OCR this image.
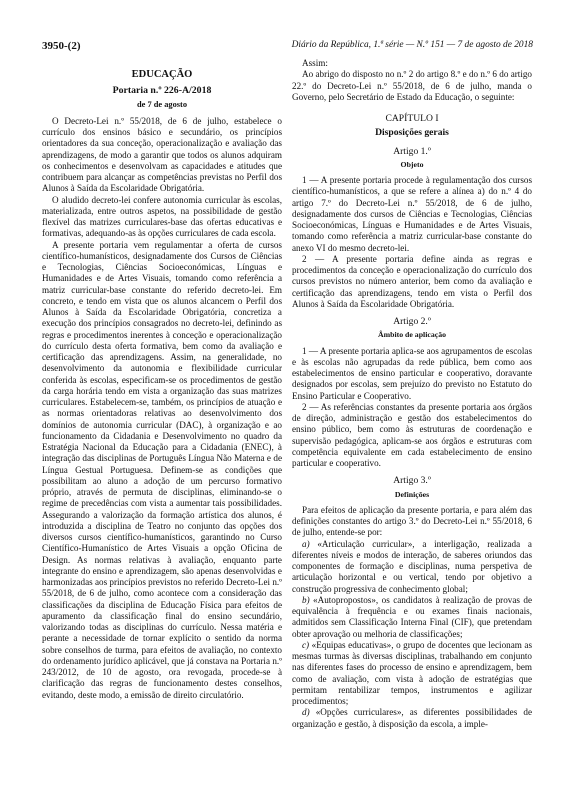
3950-(2)	Diário da República, 1.ª série — N.º 151 — 7 de agosto de 2018
EDUCAÇÃO
Portaria n.º 226-A/2018
de 7 de agosto

O Decreto-Lei n.º 55/2018, de 6 de julho, estabelece o currículo dos ensinos básico e secundário, os princípios orientadores da sua conceção, operacionalização e avaliação das aprendizagens, de modo a garantir que todos os alunos adquiram os conhecimentos e desenvolvam as capacidades e atitudes que contribuem para alcançar as competências previstas no Perfil dos Alunos à Saída da Escolaridade Obrigatória.

O aludido decreto-lei confere autonomia curricular às escolas, materializada, entre outros aspetos, na possibilidade de gestão flexível das matrizes curriculares-base das ofertas educativas e formativas, adequando-as às opções curriculares de cada escola.

A presente portaria vem regulamentar a oferta de cursos científico-humanísticos, designadamente dos Cursos de Ciências e Tecnologias, Ciências Socioeconómicas, Línguas e Humanidades e de Artes Visuais, tomando como referência a matriz curricular-base constante do referido decreto-lei. Em concreto, e tendo em vista que os alunos alcancem o Perfil dos Alunos à Saída da Escolaridade Obrigatória, concretiza a execução dos princípios consagrados no decreto-lei, definindo as regras e procedimentos inerentes à conceção e operacionalização do currículo desta oferta formativa, bem como da avaliação e certificação das aprendizagens. Assim, na generalidade, no desenvolvimento da autonomia e flexibilidade curricular conferida às escolas, especificam-se os procedimentos de gestão da carga horária tendo em vista a organização das suas matrizes curriculares. Estabelecem-se, também, os princípios de atuação e as normas orientadoras relativas ao desenvolvimento dos domínios de autonomia curricular (DAC), à organização e ao funcionamento da Cidadania e Desenvolvimento no quadro da Estratégia Nacional da Educação para a Cidadania (ENEC), à integração das disciplinas de Português Língua Não Materna e de Língua Gestual Portuguesa. Definem-se as condições que possibilitam ao aluno a adoção de um percurso formativo próprio, através de permuta de disciplinas, eliminando-se o regime de precedências com vista a aumentar tais possibilidades. Assegurando a valorização da formação artística dos alunos, é introduzida a disciplina de Teatro no conjunto das opções dos diversos cursos científico-humanísticos, garantindo no Curso Científico-Humanístico de Artes Visuais a opção Oficina de Design. As normas relativas à avaliação, enquanto parte integrante do ensino e aprendizagem, são apenas desenvolvidas e harmonizadas aos princípios previstos no referido Decreto-Lei n.º 55/2018, de 6 de julho, como acontece com a consideração das classificações da disciplina de Educação Física para efeitos de apuramento da classificação final do ensino secundário, valorizando todas as disciplinas do currículo. Nessa matéria e perante a necessidade de tornar explícito o sentido da norma sobre conselhos de turma, para efeitos de avaliação, no contexto do ordenamento jurídico aplicável, que já constava na Portaria n.º 243/2012, de 10 de agosto, ora revogada, procede-se à clarificação das regras de funcionamento destes conselhos, evitando, deste modo, a emissão de direito circulatório.

Assim:

Ao abrigo do disposto no n.º 2 do artigo 8.º e do n.º 6 do artigo 22.º do Decreto-Lei n.º 55/2018, de 6 de julho, manda o Governo, pelo Secretário de Estado da Educação, o seguinte:

CAPÍTULO I
Disposições gerais
Artigo 1.º
Objeto

1 — A presente portaria procede à regulamentação dos cursos científico-humanísticos, a que se refere a alínea a) do n.º 4 do artigo 7.º do Decreto-Lei n.º 55/2018, de 6 de julho, designadamente dos cursos de Ciências e Tecnologias, Ciências Socioeconómicas, Línguas e Humanidades e de Artes Visuais, tomando como referência a matriz curricular-base constante do anexo VI do mesmo decreto-lei.

2 — A presente portaria define ainda as regras e procedimentos da conceção e operacionalização do currículo dos cursos previstos no número anterior, bem como da avaliação e certificação das aprendizagens, tendo em vista o Perfil dos Alunos à Saída da Escolaridade Obrigatória.

Artigo 2.º
Âmbito de aplicação

1 — A presente portaria aplica-se aos agrupamentos de escolas e às escolas não agrupadas da rede pública, bem como aos estabelecimentos de ensino particular e cooperativo, doravante designados por escolas, sem prejuízo do previsto no Estatuto do Ensino Particular e Cooperativo.

2 — As referências constantes da presente portaria aos órgãos de direção, administração e gestão dos estabelecimentos do ensino público, bem como às estruturas de coordenação e supervisão pedagógica, aplicam-se aos órgãos e estruturas com competência equivalente em cada estabelecimento de ensino particular e cooperativo.

Artigo 3.º
Definições

Para efeitos de aplicação da presente portaria, e para além das definições constantes do artigo 3.º do Decreto-Lei n.º 55/2018, 6 de julho, entende-se por:

a) «Articulação curricular», a interligação, realizada a diferentes níveis e modos de interação, de saberes oriundos das componentes de formação e disciplinas, numa perspetiva de articulação horizontal e ou vertical, tendo por objetivo a construção progressiva de conhecimento global;

b) «Autopropostos», os candidatos à realização de provas de equivalência à frequência e ou exames finais nacionais, admitidos sem Classificação Interna Final (CIF), que pretendam obter aprovação ou melhoria de classificações;

c) «Equipas educativas», o grupo de docentes que lecionam as mesmas turmas às diversas disciplinas, trabalhando em conjunto nas diferentes fases do processo de ensino e aprendizagem, bem como de avaliação, com vista à adoção de estratégias que permitam rentabilizar tempos, instrumentos e agilizar procedimentos;

d) «Opções curriculares», as diferentes possibilidades de organização e gestão, à disposição da escola, a imple-
